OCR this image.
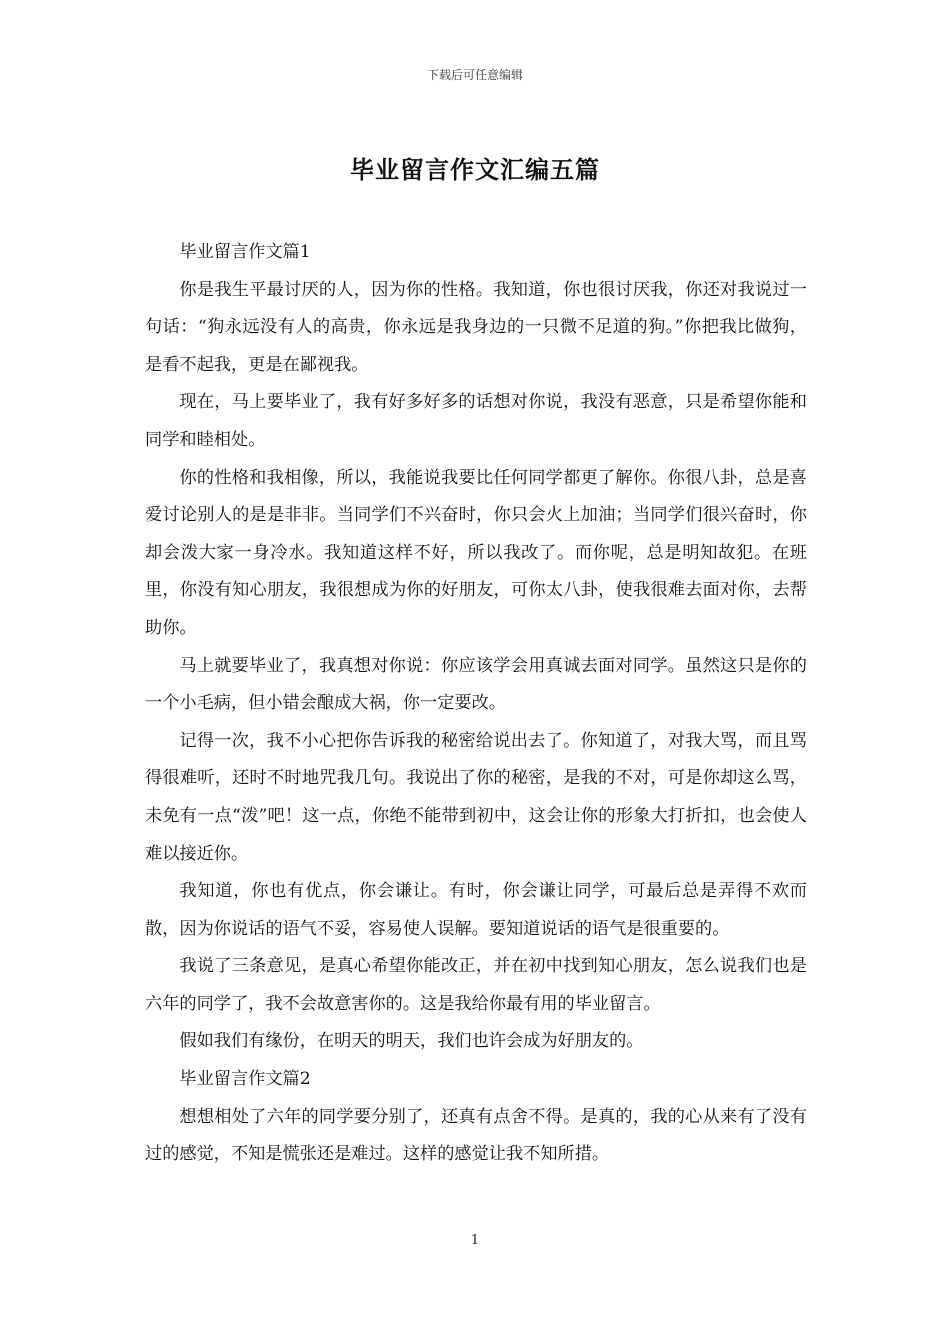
下载后可任意编辑
毕业留言作文汇编五篇

毕业留言作文篇1

你是我生平最讨厌的人，因为你的性格。我知道，你也很讨厌我，你还对我说过一句话：“狗永远没有人的高贵，你永远是我身边的一只微不足道的狗。”你把我比做狗，是看不起我，更是在鄙视我。

现在，马上要毕业了，我有好多好多的话想对你说，我没有恶意，只是希望你能和同学和睦相处。

你的性格和我相像，所以，我能说我要比任何同学都更了解你。你很八卦，总是喜爱讨论别人的是是非非。当同学们不兴奋时，你只会火上加油；当同学们很兴奋时，你却会泼大家一身冷水。我知道这样不好，所以我改了。而你呢，总是明知故犯。在班里，你没有知心朋友，我很想成为你的好朋友，可你太八卦，使我很难去面对你，去帮助你。

马上就要毕业了，我真想对你说：你应该学会用真诚去面对同学。虽然这只是你的一个小毛病，但小错会酿成大祸，你一定要改。

记得一次，我不小心把你告诉我的秘密给说出去了。你知道了，对我大骂，而且骂得很难听，还时不时地咒我几句。我说出了你的秘密，是我的不对，可是你却这么骂，未免有一点“泼”吧！这一点，你绝不能带到初中，这会让你的形象大打折扣，也会使人难以接近你。

我知道，你也有优点，你会谦让。有时，你会谦让同学，可最后总是弄得不欢而散，因为你说话的语气不妥，容易使人误解。要知道说话的语气是很重要的。

我说了三条意见，是真心希望你能改正，并在初中找到知心朋友，怎么说我们也是六年的同学了，我不会故意害你的。这是我给你最有用的毕业留言。

假如我们有缘份，在明天的明天，我们也许会成为好朋友的。

毕业留言作文篇2

想想相处了六年的同学要分别了，还真有点舍不得。是真的，我的心从来有了没有过的感觉，不知是慌张还是难过。这样的感觉让我不知所措。

1
